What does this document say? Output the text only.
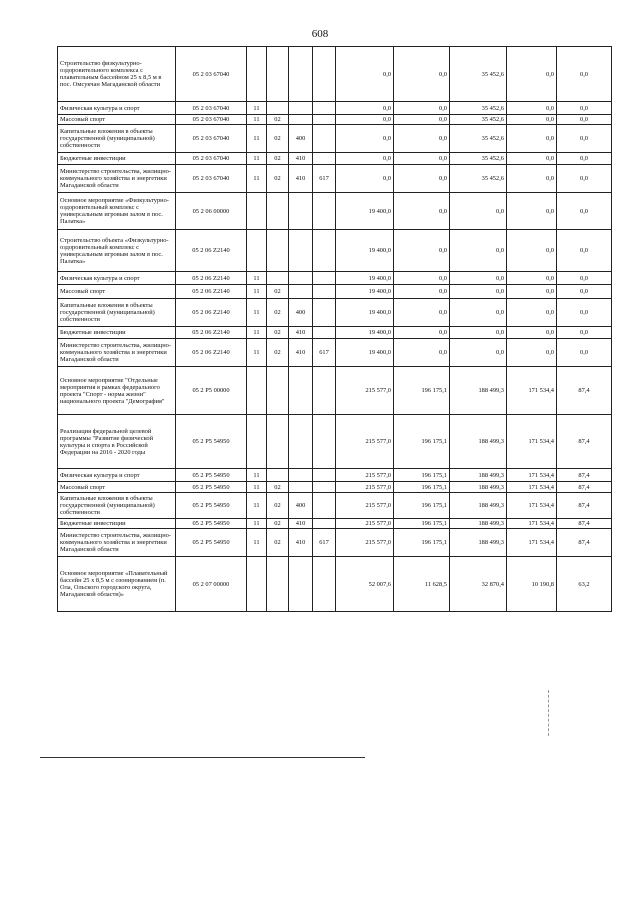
608
Строительство физкультурно-оздоровительного комплекса с плавательным бассейном 25 х 8,5 м в пос. Омсукчан Магаданской области	05 2 03 67040					0,0	0,0	35 452,6	0,0	0,0
Физическая культура и спорт	05 2 03 67040	11				0,0	0,0	35 452,6	0,0	0,0
Массовый спорт	05 2 03 67040	11	02			0,0	0,0	35 452,6	0,0	0,0
Капитальные вложения в объекты государственной (муниципальной) собственности	05 2 03 67040	11	02	400		0,0	0,0	35 452,6	0,0	0,0
Бюджетные инвестиции	05 2 03 67040	11	02	410		0,0	0,0	35 452,6	0,0	0,0
Министерство строительства, жилищно-коммунального хозяйства и энергетики Магаданской области	05 2 03 67040	11	02	410	617	0,0	0,0	35 452,6	0,0	0,0
Основное мероприятие «Физкультурно-оздоровительный комплекс с универсальным игровым залом в пос. Палатка»	05 2 06 00000					19 400,0	0,0	0,0	0,0	0,0
Строительство объекта «Физкультурно-оздоровительный комплекс с универсальным игровым залом в пос. Палатка»	05 2 06 Z2140					19 400,0	0,0	0,0	0,0	0,0
Физическая культура и спорт	05 2 06 Z2140	11				19 400,0	0,0	0,0	0,0	0,0
Массовый спорт	05 2 06 Z2140	11	02			19 400,0	0,0	0,0	0,0	0,0
Капитальные вложения в объекты государственной (муниципальной) собственности	05 2 06 Z2140	11	02	400		19 400,0	0,0	0,0	0,0	0,0
Бюджетные инвестиции	05 2 06 Z2140	11	02	410		19 400,0	0,0	0,0	0,0	0,0
Министерство строительства, жилищно-коммунального хозяйства и энергетики Магаданской области	05 2 06 Z2140	11	02	410	617	19 400,0	0,0	0,0	0,0	0,0
Основное мероприятие "Отдельные мероприятия в рамках федерального проекта "Спорт - норма жизни" национального проекта "Демография"	05 2 P5 00000					215 577,0	196 175,1	188 499,3	171 534,4	87,4
Реализация федеральной целевой программы "Развитие физической культуры и спорта в Российской Федерации на 2016 - 2020 годы	05 2 P5 54950					215 577,0	196 175,1	188 499,3	171 534,4	87,4
Физическая культура и спорт	05 2 P5 54950	11				215 577,0	196 175,1	188 499,3	171 534,4	87,4
Массовый спорт	05 2 P5 54950	11	02			215 577,0	196 175,1	188 499,3	171 534,4	87,4
Капитальные вложения в объекты государственной (муниципальной) собственности	05 2 P5 54950	11	02	400		215 577,0	196 175,1	188 499,3	171 534,4	87,4
Бюджетные инвестиции	05 2 P5 54950	11	02	410		215 577,0	196 175,1	188 499,3	171 534,4	87,4
Министерство строительства, жилищно-коммунального хозяйства и энергетики Магаданской области	05 2 P5 54950	11	02	410	617	215 577,0	196 175,1	188 499,3	171 534,4	87,4
Основное мероприятие «Плавательный бассейн 25 х 8,5 м с озонированием (п. Ола, Ольского городского округа, Магаданской области)»	05 2 07 00000					52 007,6	11 628,5	32 870,4	10 190,8	63,2
